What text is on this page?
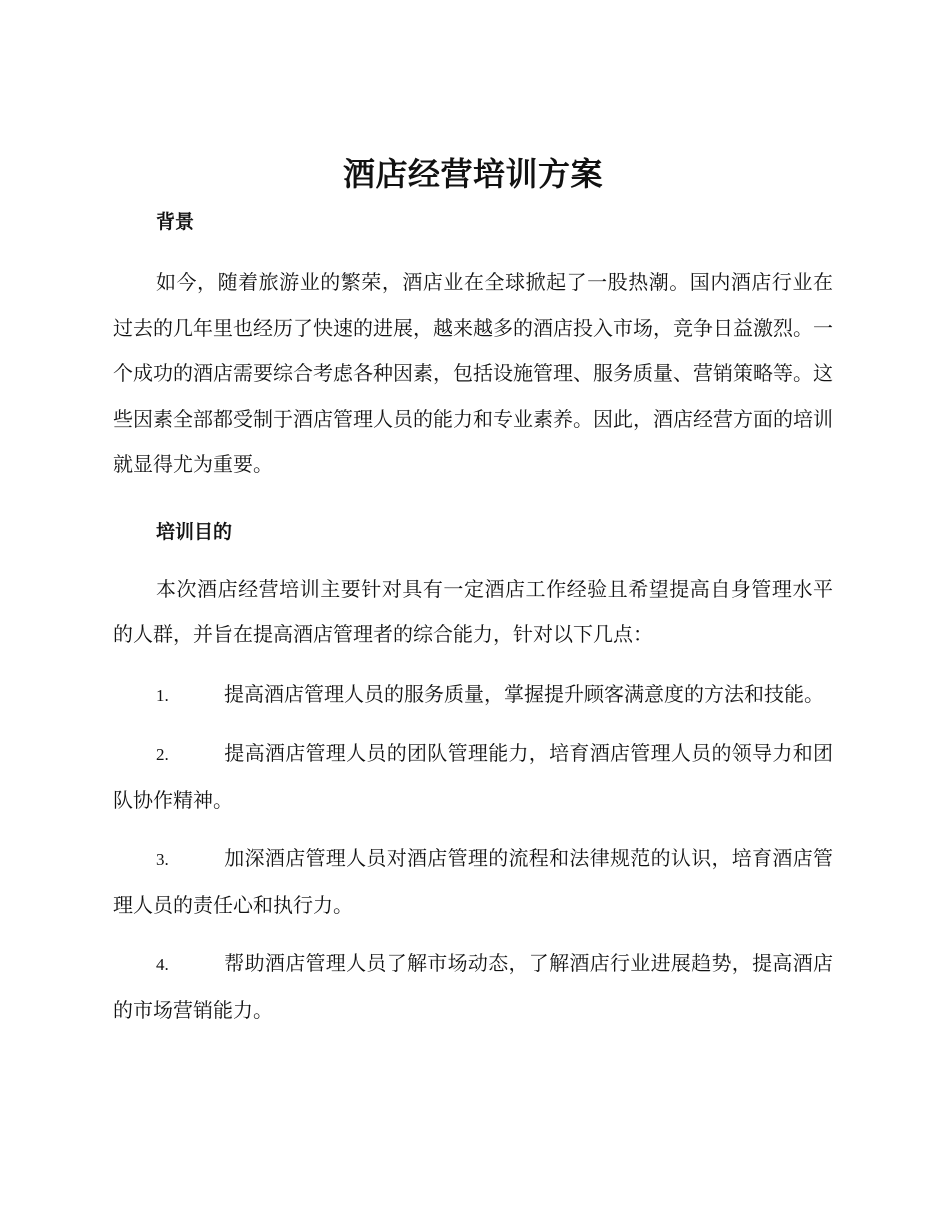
酒店经营培训方案
背景

如今，随着旅游业的繁荣，酒店业在全球掀起了一股热潮。国内酒店行业在过去的几年里也经历了快速的进展，越来越多的酒店投入市场，竞争日益激烈。一个成功的酒店需要综合考虑各种因素，包括设施管理、服务质量、营销策略等。这些因素全部都受制于酒店管理人员的能力和专业素养。因此，酒店经营方面的培训就显得尤为重要。

培训目的

本次酒店经营培训主要针对具有一定酒店工作经验且希望提高自身管理水平的人群，并旨在提高酒店管理者的综合能力，针对以下几点：

1.	提高酒店管理人员的服务质量，掌握提升顾客满意度的方法和技能。

2.	提高酒店管理人员的团队管理能力，培育酒店管理人员的领导力和团队协作精神。

3.	加深酒店管理人员对酒店管理的流程和法律规范的认识，培育酒店管理人员的责任心和执行力。

4.	帮助酒店管理人员了解市场动态，了解酒店行业进展趋势，提高酒店的市场营销能力。
